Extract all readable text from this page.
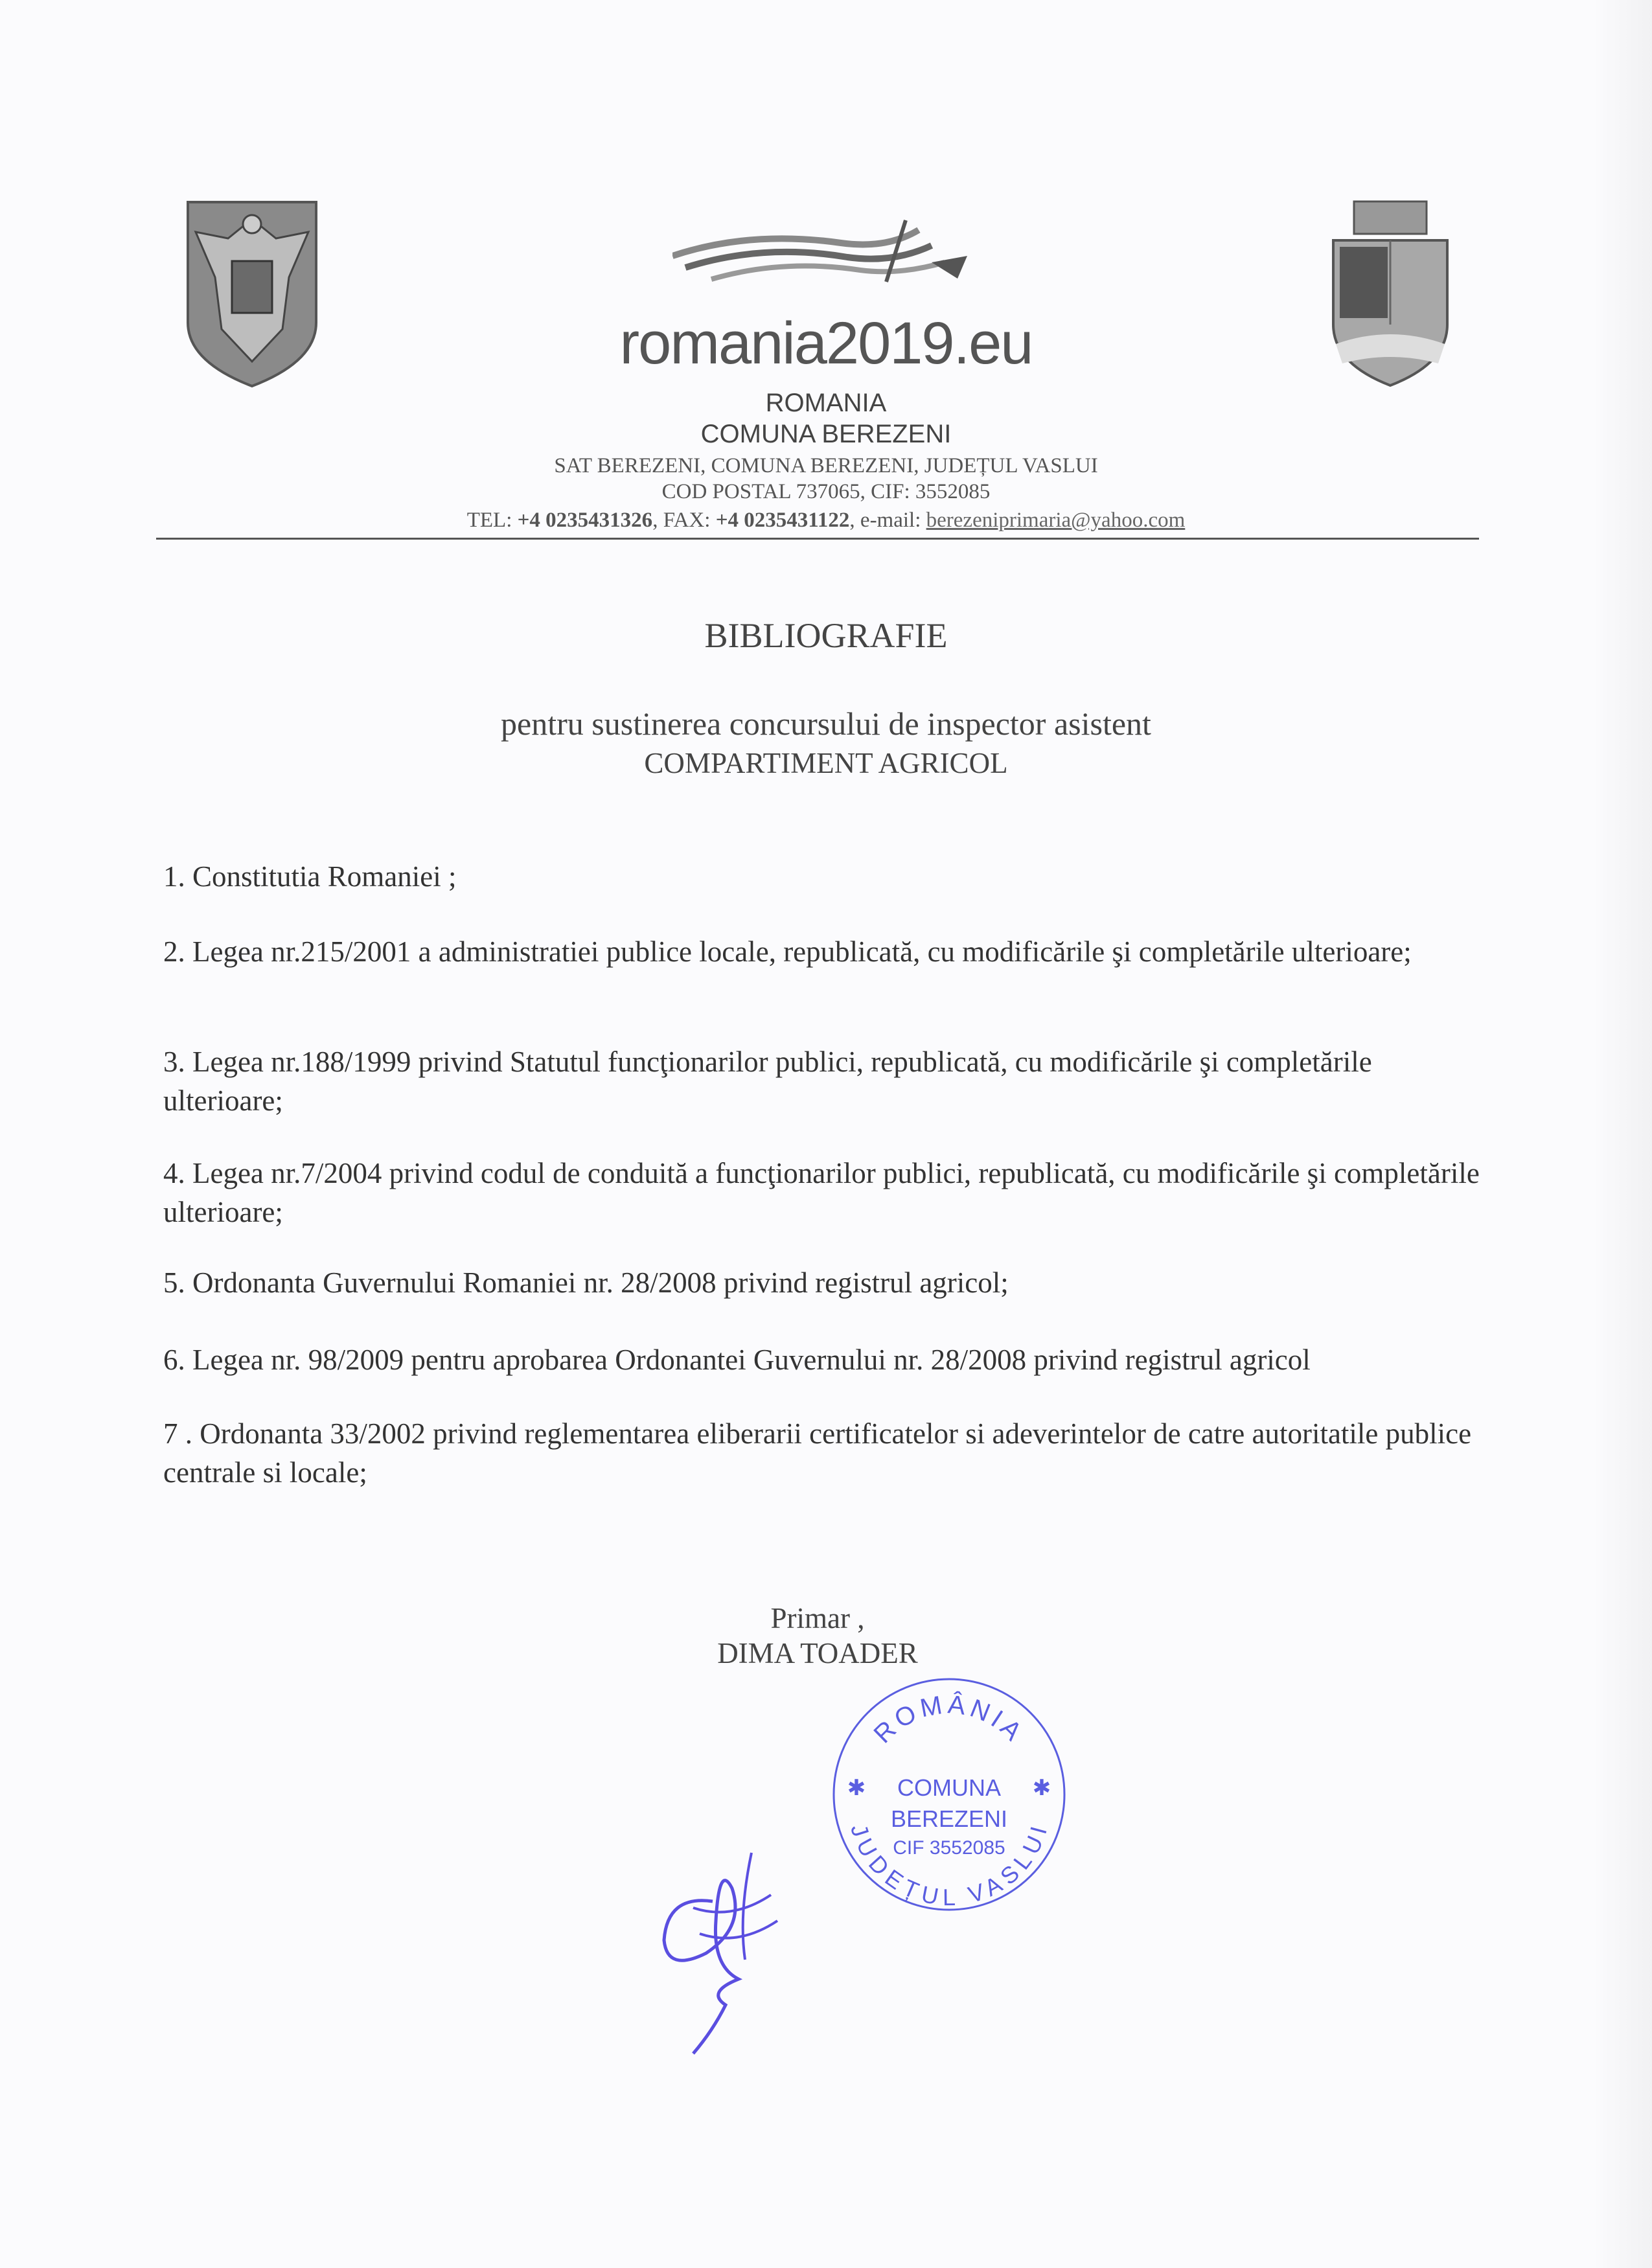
romania2019.eu
ROMANIA
COMUNA BEREZENI
SAT BEREZENI, COMUNA BEREZENI, JUDEȚUL VASLUI
COD POSTAL 737065, CIF: 3552085
TEL: +4 0235431326, FAX: +4 0235431122, e-mail: berezeniprimaria@yahoo.com
BIBLIOGRAFIE
pentru sustinerea concursului de inspector asistent
COMPARTIMENT AGRICOL
1. Constitutia Romaniei ;
2. Legea nr.215/2001 a administratiei publice locale, republicată, cu modificările şi completările ulterioare;
3. Legea nr.188/1999 privind Statutul funcţionarilor publici, republicată, cu modificările şi completările ulterioare;
4. Legea nr.7/2004 privind codul de conduită a funcţionarilor publici, republicată, cu modificările şi completările ulterioare;
5. Ordonanta Guvernului Romaniei nr. 28/2008 privind registrul agricol;
6. Legea nr. 98/2009 pentru aprobarea Ordonantei Guvernului nr. 28/2008 privind registrul agricol
7 . Ordonanta 33/2002 privind reglementarea eliberarii certificatelor si adeverintelor de catre autoritatile publice centrale si locale;
Primar ,
DIMA TOADER
ROMÂNIA
JUDEȚUL VASLUI
COMUNA
BEREZENI
CIF 3552085
✱	✱
